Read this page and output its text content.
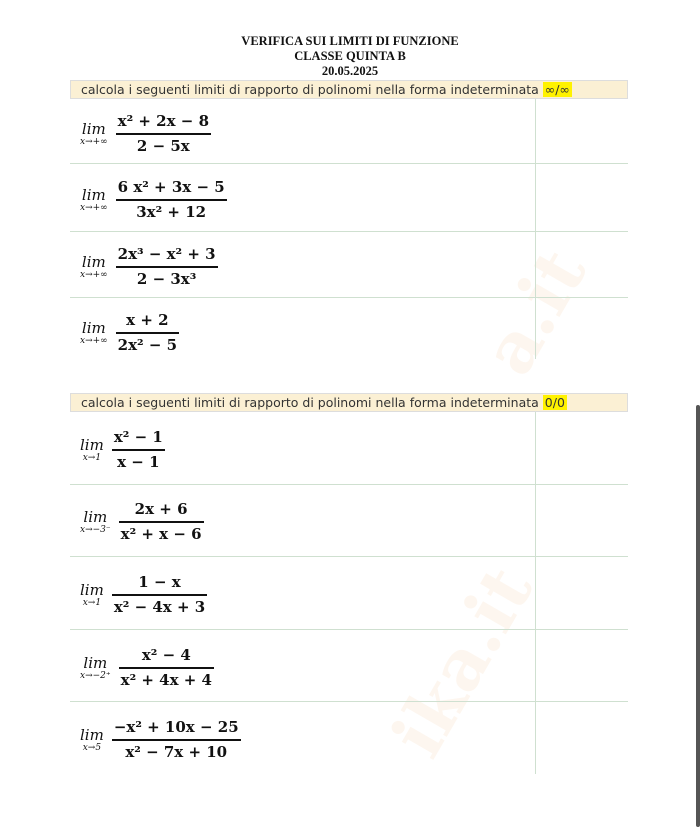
a.it
ika.it
VERIFICA SUI LIMITI DI FUNZIONE
CLASSE QUINTA B
20.05.2025
calcola i seguenti limiti di rapporto di polinomi nella forma indeterminata ∞/∞
lim
$x\to+\infty \frac{\text{x² + 2x − 8}}{2 - 5x}$
lim
$x\to+\infty \frac{\text{6 x² + 3x − 5}}{\text{3x² + 12}}$
lim
$x\to+\infty \frac{\text{2x³ − x² + 3}}{\text{2 − 3x³}}$
lim
$x\to+\infty \frac{x + 2}{\text{2x² − 5}}$
calcola i seguenti limiti di rapporto di polinomi nella forma indeterminata 0/0
lim
$x\to 1 \frac{\text{x² − 1}}{x - 1}$
lim
$x\to-3^- \frac{2x + 6}{\text{x² + x − 6}}$
lim
$x\to 1 \frac{1 - x}{\text{x² − 4x + 3}}$
lim
$x\to-2^+ \frac{\text{x² − 4}}{\text{x² + 4x + 4}}$
lim
$x\to 5 \frac{\text{−x² + 10x − 25}}{\text{x² − 7x + 10}}$
